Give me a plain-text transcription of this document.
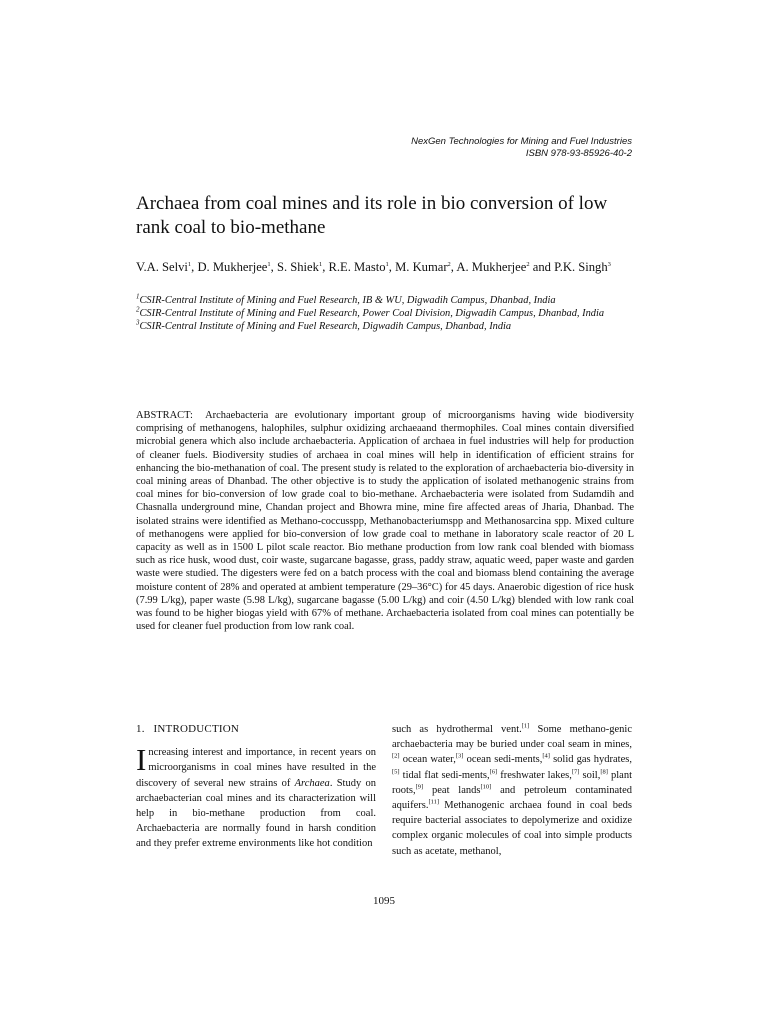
NexGen Technologies for Mining and Fuel Industries
ISBN 978-93-85926-40-2
Archaea from coal mines and its role in bio conversion of low rank coal to bio-methane
V.A. Selvi$^1$, D. Mukherjee$^1$, S. Shiek$^1$, R.E. Masto$^1$, M. Kumar$^2$, A. Mukherjee$^2$ and P.K. Singh$^3$
$^1$CSIR-Central Institute of Mining and Fuel Research, IB & WU, Digwadih Campus, Dhanbad, India
$^2$CSIR-Central Institute of Mining and Fuel Research, Power Coal Division, Digwadih Campus, Dhanbad, India
$^3$CSIR-Central Institute of Mining and Fuel Research, Digwadih Campus, Dhanbad, India

ABSTRACT: Archaebacteria are evolutionary important group of microorganisms having wide biodiversity comprising of methanogens, halophiles, sulphur oxidizing archaeaand thermophiles. Coal mines contain diversified microbial genera which also include archaebacteria. Application of archaea in fuel industries will help for production of cleaner fuels. Biodiversity studies of archaea in coal mines will help in identification of efficient strains for enhancing the bio-methanation of coal. The present study is related to the exploration of archaebacteria bio-diversity in coal mining areas of Dhanbad. The other objective is to study the application of isolated methanogenic strains from coal mines for bio-conversion of low grade coal to bio-methane. Archaebacteria were isolated from Sudamdih and Chasnalla underground mine, Chandan project and Bhowra mine, mine fire affected areas of Jharia, Dhanbad. The isolated strains were identified as Methano-coccusspp, Methanobacteriumspp and Methanosarcina spp. Mixed culture of methanogens were applied for bio-conversion of low grade coal to methane in laboratory scale reactor of 20 L capacity as well as in 1500 L pilot scale reactor. Bio methane production from low rank coal blended with biomass such as rice husk, wood dust, coir waste, sugarcane bagasse, grass, paddy straw, aquatic weed, paper waste and garden waste were studied. The digesters were fed on a batch process with the coal and biomass blend containing the average moisture content of 28% and operated at ambient temperature (29–36°C) for 45 days. Anaerobic digestion of rice husk (7.99 L/kg), paper waste (5.98 L/kg), sugarcane bagasse (5.00 L/kg) and coir (4.50 L/kg) blended with low rank coal was found to be higher biogas yield with 67% of methane. Archaebacteria isolated from coal mines can potentially be used for cleaner fuel production from low rank coal.

1. INTRODUCTION
Increasing interest and importance, in recent years on microorganisms in coal mines have resulted in the discovery of several new strains of Archaea. Study on archaebacterian coal mines and its characterization will help in bio-methane production from coal. Archaebacteria are normally found in harsh condition and they prefer extreme environments like hot condition
such as hydrothermal vent.[1] Some methano-genic archaebacteria may be buried under coal seam in mines,[2] ocean water,[3] ocean sedi-ments,[4] solid gas hydrates,[5] tidal flat sedi-ments,[6] freshwater lakes,[7] soil,[8] plant roots,[9] peat lands[10] and petroleum contaminated aquifers.[11] Methanogenic archaea found in coal beds require bacterial associates to depolymerize and oxidize complex organic molecules of coal into simple products such as acetate, methanol,
1095
